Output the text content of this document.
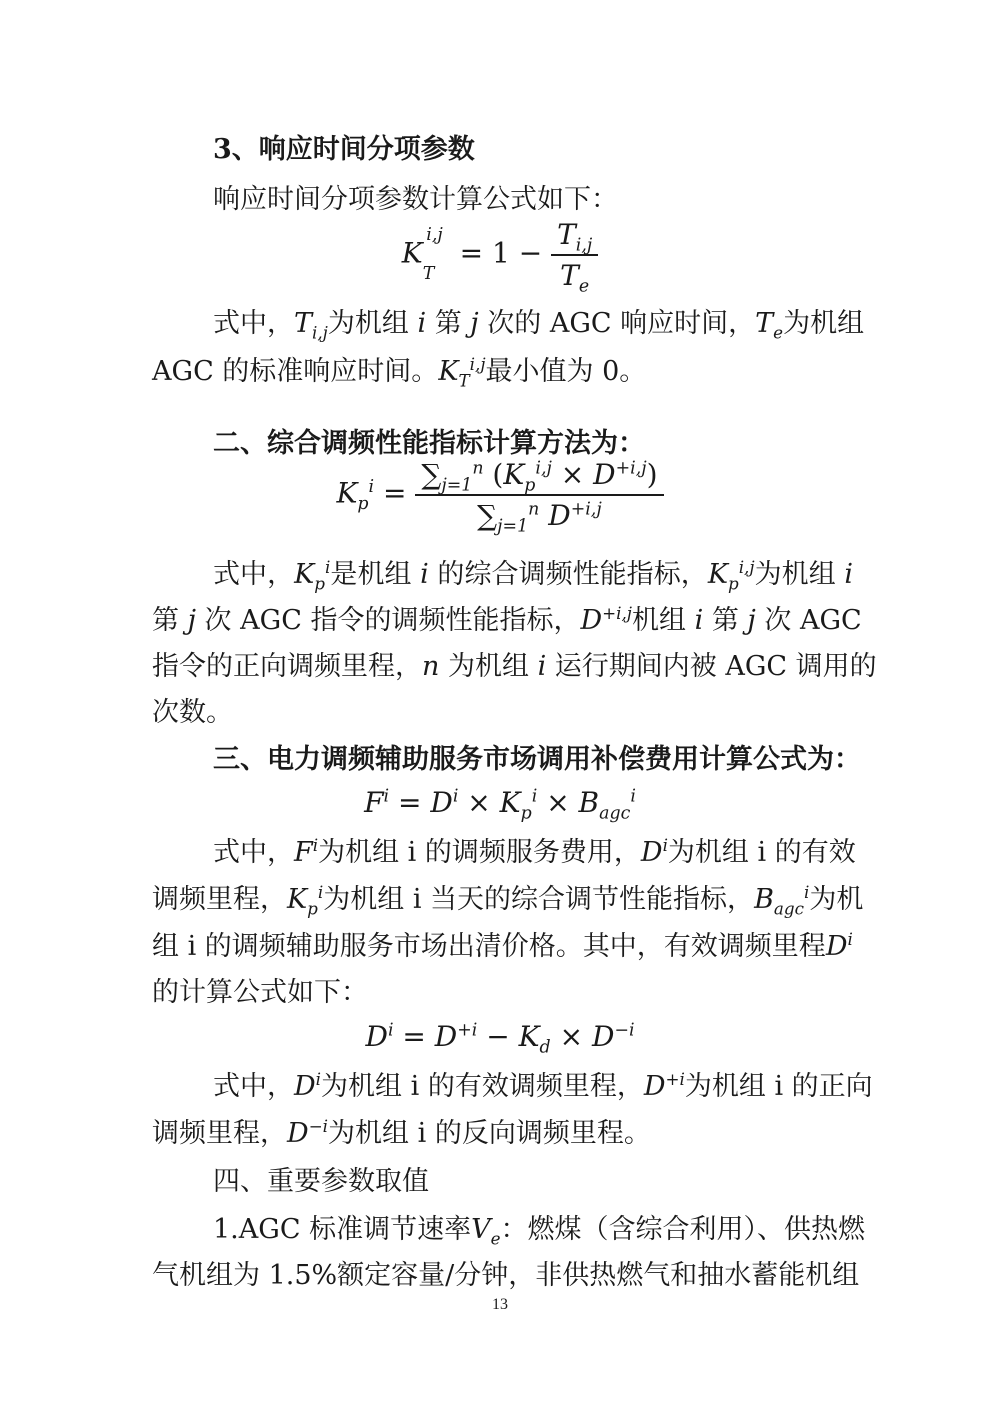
3、响应时间分项参数
响应时间分项参数计算公式如下：
$K_T^{i,j} = 1 - \frac{T_{i,j}}{T_e}$
式中，$T_{i,j}$为机组 i 第 j 次的 AGC 响应时间，$T_e$为机组
AGC 的标准响应时间。$K_T^{i,j}$最小值为 0。
二、综合调频性能指标计算方法为：
$K_p^i = \frac{\sum_{j=1}^n (K_p^{i,j} \times D^{+i,j})}{\sum_{j=1}^n D^{+i,j}}$
式中，$K_p^i$是机组 i 的综合调频性能指标，$K_p^{i,j}$为机组 i
第 j 次 AGC 指令的调频性能指标，$D^{+i,j}$机组 i 第 j 次 AGC
指令的正向调频里程，n 为机组 i 运行期间内被 AGC 调用的
次数。
三、电力调频辅助服务市场调用补偿费用计算公式为：
$F^i = D^i \times K_p^i \times B_{agc}^i$
式中，$F^i$为机组 i 的调频服务费用，$D^i$为机组 i 的有效
调频里程，$K_p^i$为机组 i 当天的综合调节性能指标，$B_{agc}^i$为机
组 i 的调频辅助服务市场出清价格。其中，有效调频里程$D^i$
的计算公式如下：
$D^i = D^{+i} - K_d \times D^{-i}$
式中，$D^i$为机组 i 的有效调频里程，$D^{+i}$为机组 i 的正向
调频里程，$D^{-i}$为机组 i 的反向调频里程。
四、重要参数取值
1.AGC 标准调节速率$V_e$：燃煤（含综合利用）、供热燃
气机组为 1.5%额定容量/分钟，非供热燃气和抽水蓄能机组
13
